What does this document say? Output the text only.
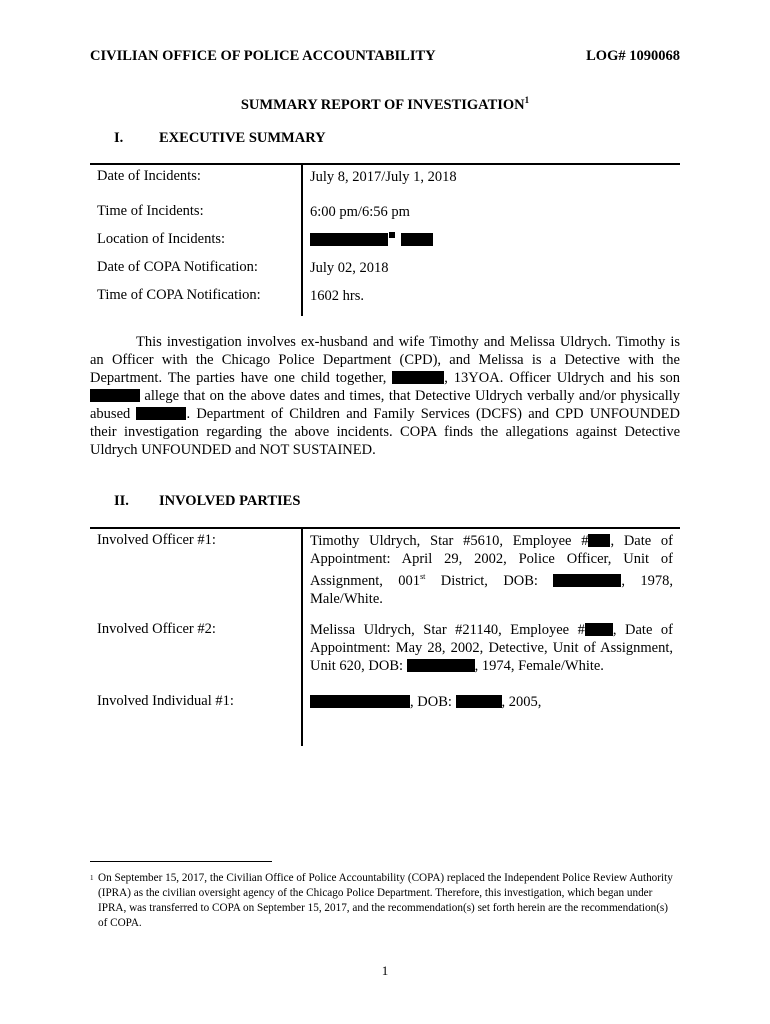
CIVILIAN OFFICE OF POLICE ACCOUNTABILITY	LOG# 1090068
SUMMARY REPORT OF INVESTIGATION$^1$
I. EXECUTIVE SUMMARY
Date of Incidents:	July 8, 2017/July 1, 2018
Time of Incidents:	6:00 pm/6:56 pm
Location of Incidents:
Date of COPA Notification:	July 02, 2018
Time of COPA Notification:	1602 hrs.
This investigation involves ex-husband and wife Timothy and Melissa Uldrych. Timothy is an Officer with the Chicago Police Department (CPD), and Melissa is a Detective with the Department. The parties have one child together,	, 13YOA. Officer Uldrych and his son  allege that on the above dates and times, that Detective Uldrych verbally and/or physically abused	. Department of Children and Family Services (DCFS) and CPD UNFOUNDED their investigation regarding the above incidents. COPA finds the allegations against Detective Uldrych UNFOUNDED and NOT SUSTAINED.
II. INVOLVED PARTIES
Involved Officer #1:	Timothy Uldrych, Star #5610, Employee # , Date of Appointment: April 29, 2002, Police Officer, Unit of Assignment, 001st District, DOB:	, 1978, Male/White.
Involved Officer #2:	Melissa Uldrych, Star #21140, Employee # , Date of Appointment: May 28, 2002, Detective, Unit of Assignment, Unit 620, DOB:	, 1974, Female/White.
Involved Individual #1:	, DOB:	, 2005,
1 On September 15, 2017, the Civilian Office of Police Accountability (COPA) replaced the Independent Police Review Authority (IPRA) as the civilian oversight agency of the Chicago Police Department. Therefore, this investigation, which began under IPRA, was transferred to COPA on September 15, 2017, and the recommendation(s) set forth herein are the recommendation(s) of COPA.
1
